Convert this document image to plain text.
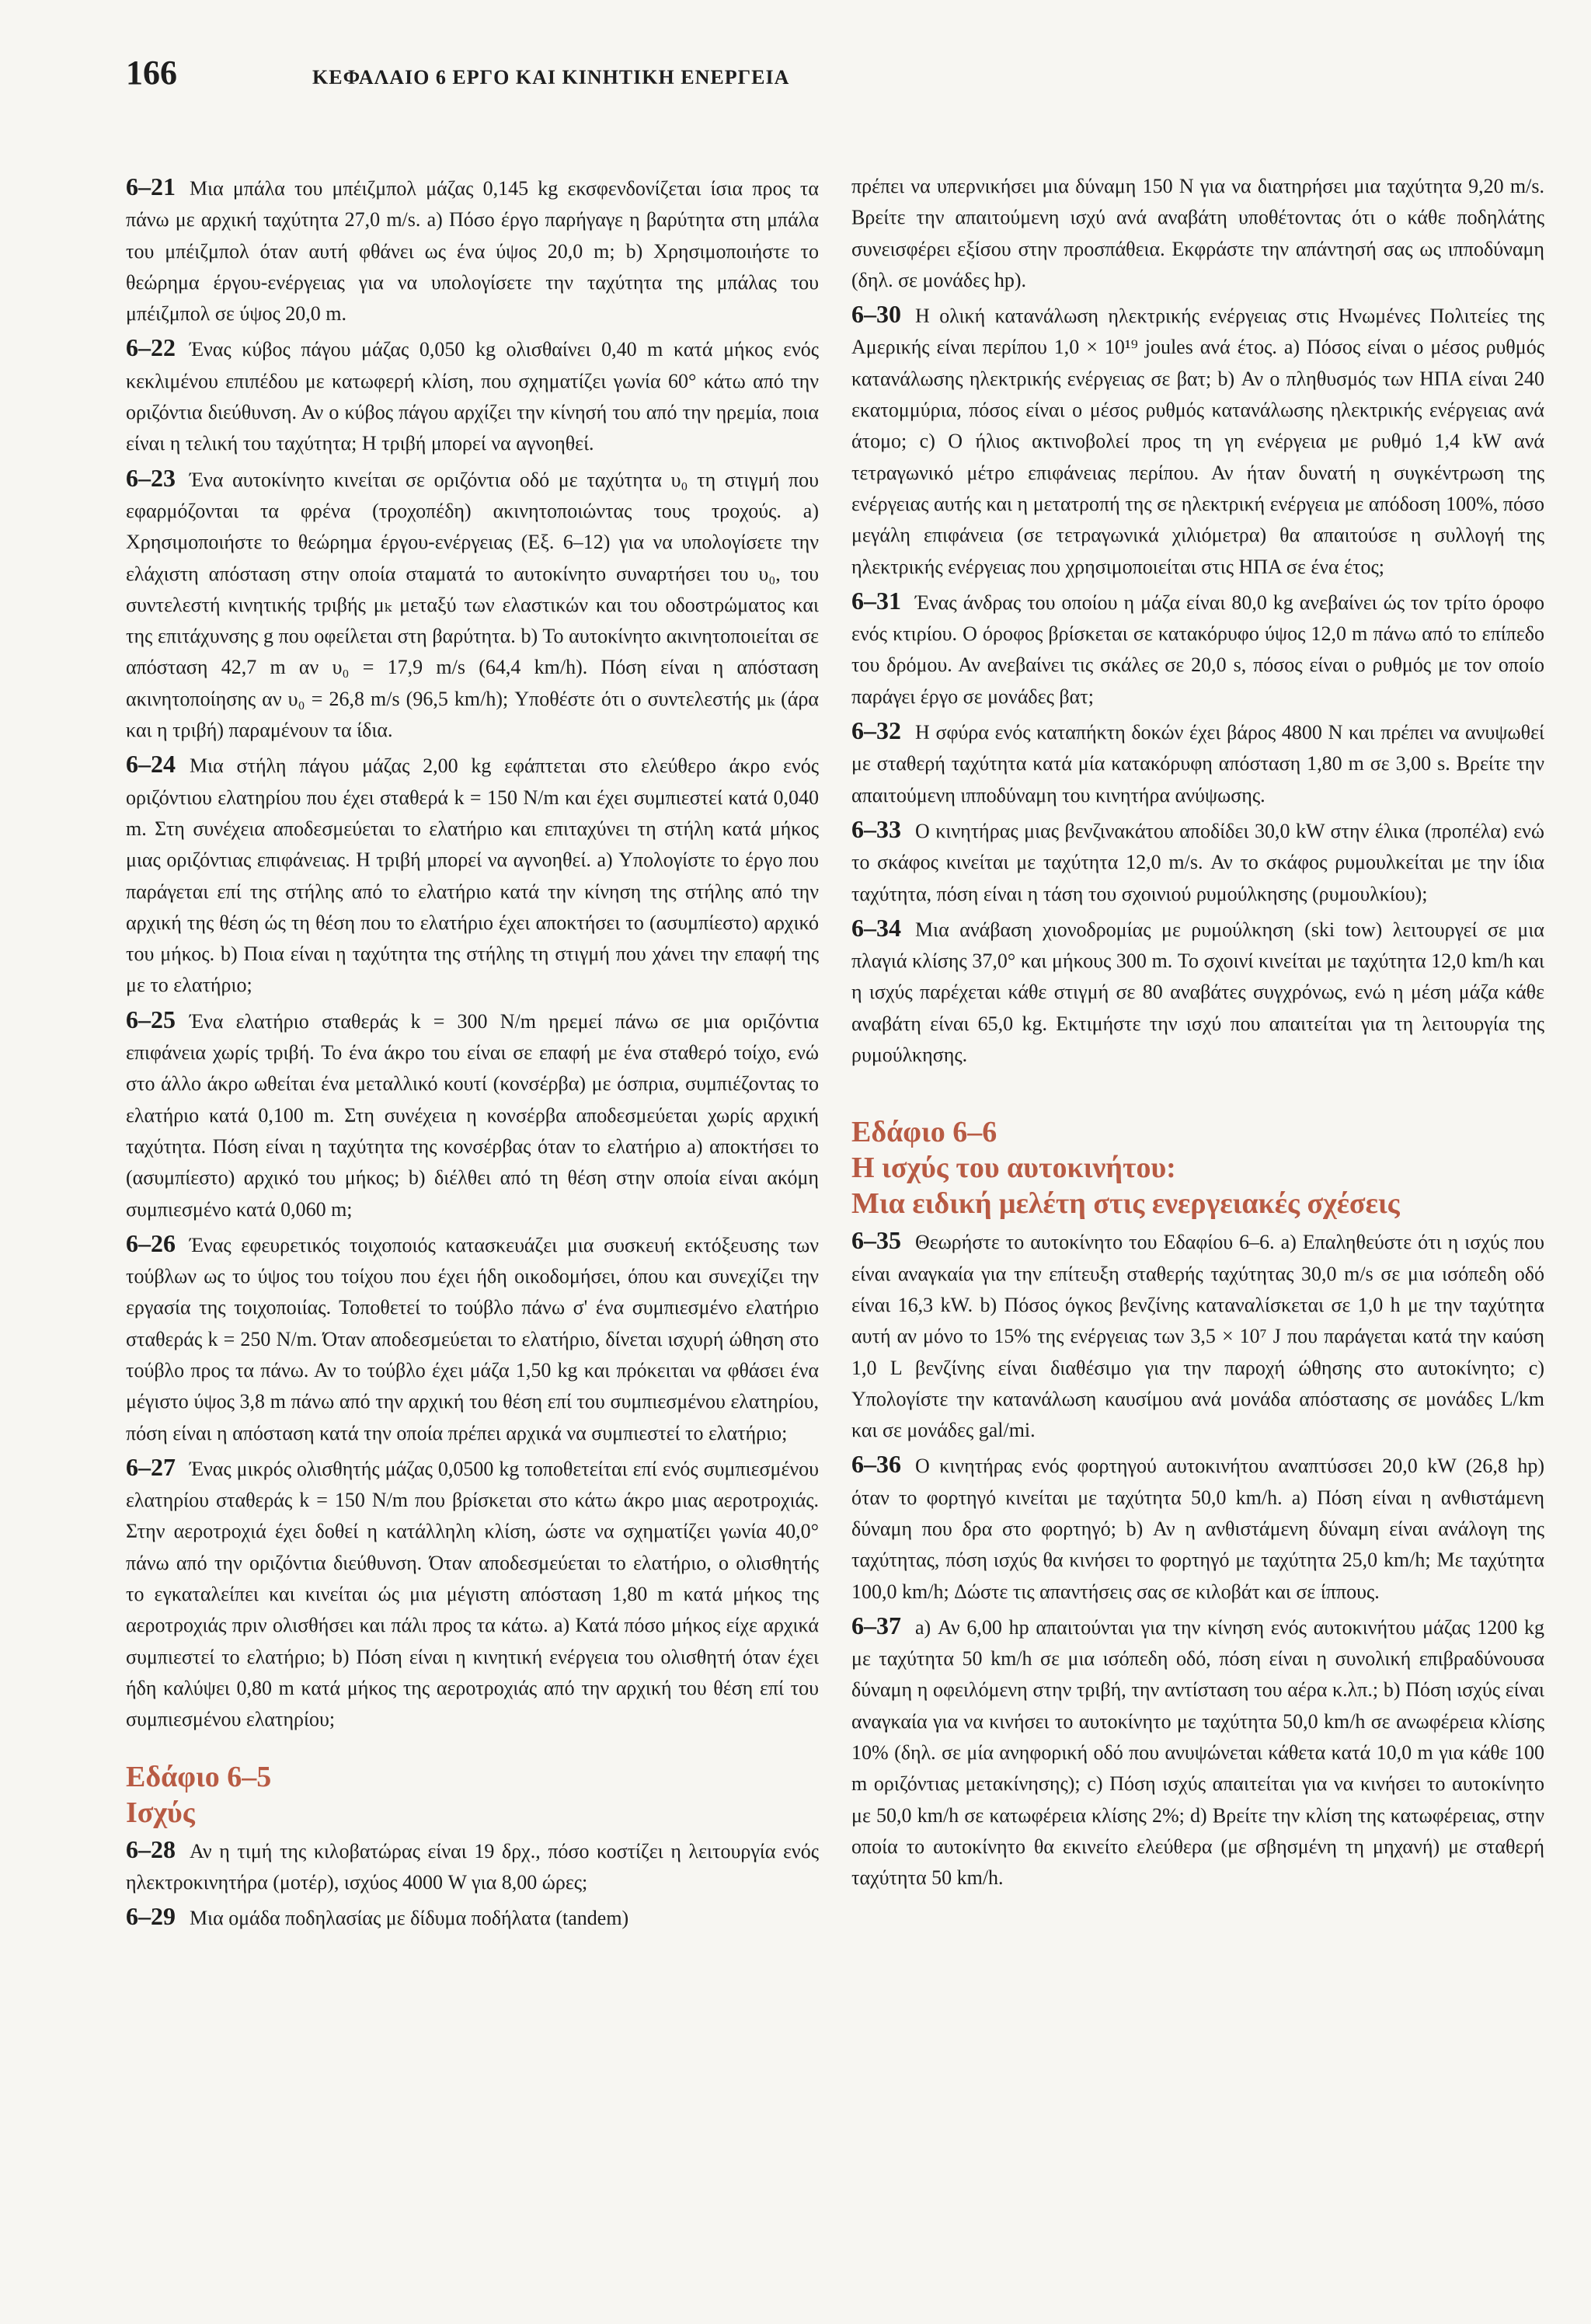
166	ΚΕΦΑΛΑΙΟ 6 ΕΡΓΟ ΚΑΙ ΚΙΝΗΤΙΚΗ ΕΝΕΡΓΕΙΑ

6–21 Μια μπάλα του μπέιζμπολ μάζας 0,145 kg εκσφενδονίζεται ίσια προς τα πάνω με αρχική ταχύτητα 27,0 m/s. a) Πόσο έργο παρήγαγε η βαρύτητα στη μπάλα του μπέιζμπολ όταν αυτή φθάνει ως ένα ύψος 20,0 m; b) Χρησιμοποιήστε το θεώρημα έργου-ενέργειας για να υπολογίσετε την ταχύτητα της μπάλας του μπέιζμπολ σε ύψος 20,0 m.

6–22 Ένας κύβος πάγου μάζας 0,050 kg ολισθαίνει 0,40 m κατά μήκος ενός κεκλιμένου επιπέδου με κατωφερή κλίση, που σχηματίζει γωνία 60° κάτω από την οριζόντια διεύθυνση. Αν ο κύβος πάγου αρχίζει την κίνησή του από την ηρεμία, ποια είναι η τελική του ταχύτητα; Η τριβή μπορεί να αγνοηθεί.

6–23 Ένα αυτοκίνητο κινείται σε οριζόντια οδό με ταχύτητα υ₀ τη στιγμή που εφαρμόζονται τα φρένα (τροχοπέδη) ακινητοποιώντας τους τροχούς. a) Χρησιμοποιήστε το θεώρημα έργου-ενέργειας (Εξ. 6–12) για να υπολογίσετε την ελάχιστη απόσταση στην οποία σταματά το αυτοκίνητο συναρτήσει του υ₀, του συντελεστή κινητικής τριβής μₖ μεταξύ των ελαστικών και του οδοστρώματος και της επιτάχυνσης g που οφείλεται στη βαρύτητα. b) Το αυτοκίνητο ακινητοποιείται σε απόσταση 42,7 m αν υ₀ = 17,9 m/s (64,4 km/h). Πόση είναι η απόσταση ακινητοποίησης αν υ₀ = 26,8 m/s (96,5 km/h); Υποθέστε ότι ο συντελεστής μₖ (άρα και η τριβή) παραμένουν τα ίδια.

6–24 Μια στήλη πάγου μάζας 2,00 kg εφάπτεται στο ελεύθερο άκρο ενός οριζόντιου ελατηρίου που έχει σταθερά k = 150 N/m και έχει συμπιεστεί κατά 0,040 m. Στη συνέχεια αποδεσμεύεται το ελατήριο και επιταχύνει τη στήλη κατά μήκος μιας οριζόντιας επιφάνειας. Η τριβή μπορεί να αγνοηθεί. a) Υπολογίστε το έργο που παράγεται επί της στήλης από το ελατήριο κατά την κίνηση της στήλης από την αρχική της θέση ώς τη θέση που το ελατήριο έχει αποκτήσει το (ασυμπίεστο) αρχικό του μήκος. b) Ποια είναι η ταχύτητα της στήλης τη στιγμή που χάνει την επαφή της με το ελατήριο;

6–25 Ένα ελατήριο σταθεράς k = 300 N/m ηρεμεί πάνω σε μια οριζόντια επιφάνεια χωρίς τριβή. Το ένα άκρο του είναι σε επαφή με ένα σταθερό τοίχο, ενώ στο άλλο άκρο ωθείται ένα μεταλλικό κουτί (κονσέρβα) με όσπρια, συμπιέζοντας το ελατήριο κατά 0,100 m. Στη συνέχεια η κονσέρβα αποδεσμεύεται χωρίς αρχική ταχύτητα. Πόση είναι η ταχύτητα της κονσέρβας όταν το ελατήριο a) αποκτήσει το (ασυμπίεστο) αρχικό του μήκος; b) διέλθει από τη θέση στην οποία είναι ακόμη συμπιεσμένο κατά 0,060 m;

6–26 Ένας εφευρετικός τοιχοποιός κατασκευάζει μια συσκευή εκτόξευσης των τούβλων ως το ύψος του τοίχου που έχει ήδη οικοδομήσει, όπου και συνεχίζει την εργασία της τοιχοποιίας. Τοποθετεί το τούβλο πάνω σ' ένα συμπιεσμένο ελατήριο σταθεράς k = 250 N/m. Όταν αποδεσμεύεται το ελατήριο, δίνεται ισχυρή ώθηση στο τούβλο προς τα πάνω. Αν το τούβλο έχει μάζα 1,50 kg και πρόκειται να φθάσει ένα μέγιστο ύψος 3,8 m πάνω από την αρχική του θέση επί του συμπιεσμένου ελατηρίου, πόση είναι η απόσταση κατά την οποία πρέπει αρχικά να συμπιεστεί το ελατήριο;

6–27 Ένας μικρός ολισθητής μάζας 0,0500 kg τοποθετείται επί ενός συμπιεσμένου ελατηρίου σταθεράς k = 150 N/m που βρίσκεται στο κάτω άκρο μιας αεροτροχιάς. Στην αεροτροχιά έχει δοθεί η κατάλληλη κλίση, ώστε να σχηματίζει γωνία 40,0° πάνω από την οριζόντια διεύθυνση. Όταν αποδεσμεύεται το ελατήριο, ο ολισθητής το εγκαταλείπει και κινείται ώς μια μέγιστη απόσταση 1,80 m κατά μήκος της αεροτροχιάς πριν ολισθήσει και πάλι προς τα κάτω. a) Κατά πόσο μήκος είχε αρχικά συμπιεστεί το ελατήριο; b) Πόση είναι η κινητική ενέργεια του ολισθητή όταν έχει ήδη καλύψει 0,80 m κατά μήκος της αεροτροχιάς από την αρχική του θέση επί του συμπιεσμένου ελατηρίου;

Εδάφιο 6–5
Ισχύς

6–28 Αν η τιμή της κιλοβατώρας είναι 19 δρχ., πόσο κοστίζει η λειτουργία ενός ηλεκτροκινητήρα (μοτέρ), ισχύος 4000 W για 8,00 ώρες;

6–29 Μια ομάδα ποδηλασίας με δίδυμα ποδήλατα (tandem)

πρέπει να υπερνικήσει μια δύναμη 150 N για να διατηρήσει μια ταχύτητα 9,20 m/s. Βρείτε την απαιτούμενη ισχύ ανά αναβάτη υποθέτοντας ότι ο κάθε ποδηλάτης συνεισφέρει εξίσου στην προσπάθεια. Εκφράστε την απάντησή σας ως ιπποδύναμη (δηλ. σε μονάδες hp).

6–30 Η ολική κατανάλωση ηλεκτρικής ενέργειας στις Ηνωμένες Πολιτείες της Αμερικής είναι περίπου 1,0 × 10¹⁹ joules ανά έτος. a) Πόσος είναι ο μέσος ρυθμός κατανάλωσης ηλεκτρικής ενέργειας σε βατ; b) Αν ο πληθυσμός των ΗΠΑ είναι 240 εκατομμύρια, πόσος είναι ο μέσος ρυθμός κατανάλωσης ηλεκτρικής ενέργειας ανά άτομο; c) Ο ήλιος ακτινοβολεί προς τη γη ενέργεια με ρυθμό 1,4 kW ανά τετραγωνικό μέτρο επιφάνειας περίπου. Αν ήταν δυνατή η συγκέντρωση της ενέργειας αυτής και η μετατροπή της σε ηλεκτρική ενέργεια με απόδοση 100%, πόσο μεγάλη επιφάνεια (σε τετραγωνικά χιλιόμετρα) θα απαιτούσε η συλλογή της ηλεκτρικής ενέργειας που χρησιμοποιείται στις ΗΠΑ σε ένα έτος;

6–31 Ένας άνδρας του οποίου η μάζα είναι 80,0 kg ανεβαίνει ώς τον τρίτο όροφο ενός κτιρίου. Ο όροφος βρίσκεται σε κατακόρυφο ύψος 12,0 m πάνω από το επίπεδο του δρόμου. Αν ανεβαίνει τις σκάλες σε 20,0 s, πόσος είναι ο ρυθμός με τον οποίο παράγει έργο σε μονάδες βατ;

6–32 Η σφύρα ενός καταπήκτη δοκών έχει βάρος 4800 N και πρέπει να ανυψωθεί με σταθερή ταχύτητα κατά μία κατακόρυφη απόσταση 1,80 m σε 3,00 s. Βρείτε την απαιτούμενη ιπποδύναμη του κινητήρα ανύψωσης.

6–33 Ο κινητήρας μιας βενζινακάτου αποδίδει 30,0 kW στην έλικα (προπέλα) ενώ το σκάφος κινείται με ταχύτητα 12,0 m/s. Αν το σκάφος ρυμουλκείται με την ίδια ταχύτητα, πόση είναι η τάση του σχοινιού ρυμούλκησης (ρυμουλκίου);

6–34 Μια ανάβαση χιονοδρομίας με ρυμούλκηση (ski tow) λειτουργεί σε μια πλαγιά κλίσης 37,0° και μήκους 300 m. Το σχοινί κινείται με ταχύτητα 12,0 km/h και η ισχύς παρέχεται κάθε στιγμή σε 80 αναβάτες συγχρόνως, ενώ η μέση μάζα κάθε αναβάτη είναι 65,0 kg. Εκτιμήστε την ισχύ που απαιτείται για τη λειτουργία της ρυμούλκησης.

Εδάφιο 6–6
Η ισχύς του αυτοκινήτου:
Μια ειδική μελέτη στις ενεργειακές σχέσεις

6–35 Θεωρήστε το αυτοκίνητο του Εδαφίου 6–6. a) Επαληθεύστε ότι η ισχύς που είναι αναγκαία για την επίτευξη σταθερής ταχύτητας 30,0 m/s σε μια ισόπεδη οδό είναι 16,3 kW. b) Πόσος όγκος βενζίνης καταναλίσκεται σε 1,0 h με την ταχύτητα αυτή αν μόνο το 15% της ενέργειας των 3,5 × 10⁷ J που παράγεται κατά την καύση 1,0 L βενζίνης είναι διαθέσιμο για την παροχή ώθησης στο αυτοκίνητο; c) Υπολογίστε την κατανάλωση καυσίμου ανά μονάδα απόστασης σε μονάδες L/km και σε μονάδες gal/mi.

6–36 Ο κινητήρας ενός φορτηγού αυτοκινήτου αναπτύσσει 20,0 kW (26,8 hp) όταν το φορτηγό κινείται με ταχύτητα 50,0 km/h. a) Πόση είναι η ανθιστάμενη δύναμη που δρα στο φορτηγό; b) Αν η ανθιστάμενη δύναμη είναι ανάλογη της ταχύτητας, πόση ισχύς θα κινήσει το φορτηγό με ταχύτητα 25,0 km/h; Με ταχύτητα 100,0 km/h; Δώστε τις απαντήσεις σας σε κιλοβάτ και σε ίππους.

6–37 a) Αν 6,00 hp απαιτούνται για την κίνηση ενός αυτοκινήτου μάζας 1200 kg με ταχύτητα 50 km/h σε μια ισόπεδη οδό, πόση είναι η συνολική επιβραδύνουσα δύναμη η οφειλόμενη στην τριβή, την αντίσταση του αέρα κ.λπ.; b) Πόση ισχύς είναι αναγκαία για να κινήσει το αυτοκίνητο με ταχύτητα 50,0 km/h σε ανωφέρεια κλίσης 10% (δηλ. σε μία ανηφορική οδό που ανυψώνεται κάθετα κατά 10,0 m για κάθε 100 m οριζόντιας μετακίνησης); c) Πόση ισχύς απαιτείται για να κινήσει το αυτοκίνητο με 50,0 km/h σε κατωφέρεια κλίσης 2%; d) Βρείτε την κλίση της κατωφέρειας, στην οποία το αυτοκίνητο θα εκινείτο ελεύθερα (με σβησμένη τη μηχανή) με σταθερή ταχύτητα 50 km/h.
